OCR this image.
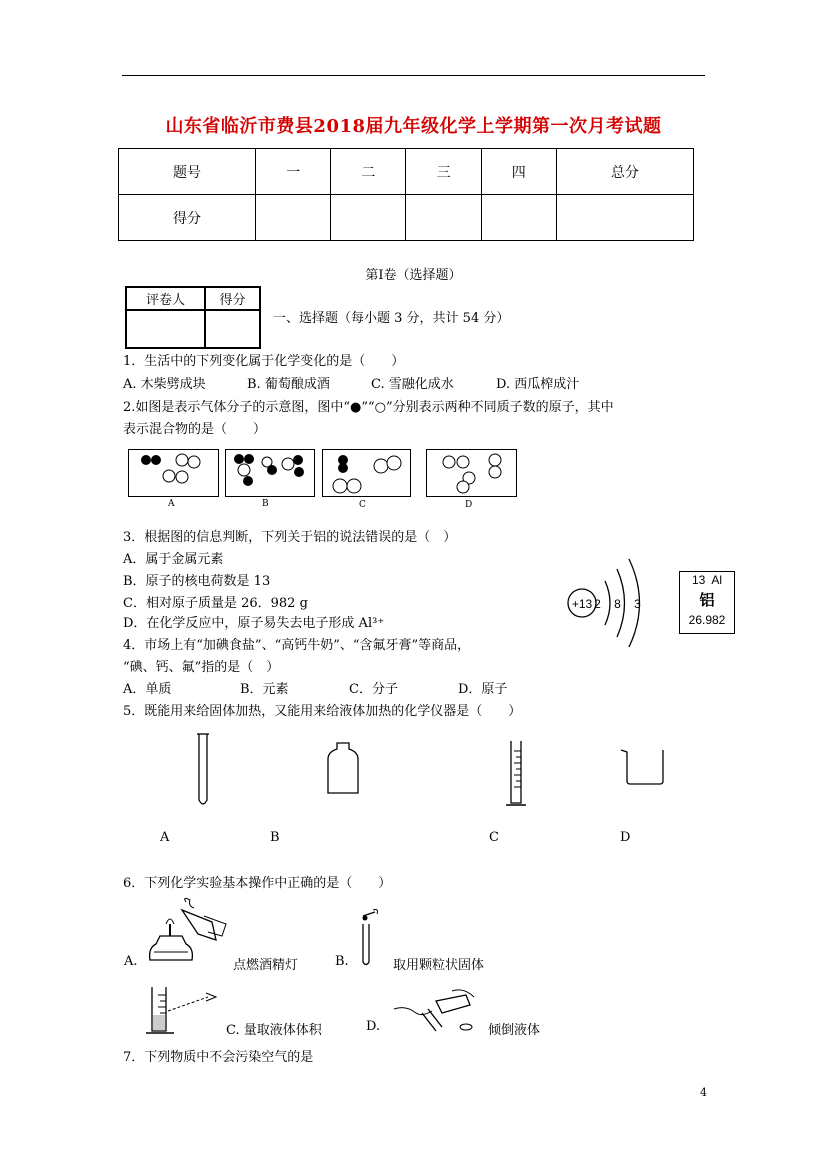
山东省临沂市费县2018届九年级化学上学期第一次月考试题
题号	一	二	三	四	总分
得分					
第Ⅰ卷（选择题）
评卷人	得分

一、选择题（每小题 3 分，共计 54 分）
1．生活中的下列变化属于化学变化的是（　　）
A. 木柴劈成块	B. 葡萄酿成酒	C. 雪融化成水	D. 西瓜榨成汁
2.如图是表示气体分子的示意图，图中“●”“○”分别表示两种不同质子数的原子，其中
表示混合物的是（　　）
A	B	C	D
3．根据图的信息判断，下列关于铝的说法错误的是（　）
A．属于金属元素
B．原子的核电荷数是 13
C．相对原子质量是 26．982 g
D．在化学反应中，原子易失去电子形成 Al³⁺
+13 2 8 3
13  Al
铝
26.982
4．市场上有“加碘食盐”、“高钙牛奶”、“含氟牙膏”等商品，
“碘、钙、氟”指的是（　）
A．单质	B．元素	C．分子	D．原子
5．既能用来给固体加热，又能用来给液体加热的化学仪器是（　　）
A	B	C	D
6．下列化学实验基本操作中正确的是（　　）
A.	点燃酒精灯	B.	取用颗粒状固体
C. 量取液体体积	D.	倾倒液体
7．下列物质中不会污染空气的是
4
